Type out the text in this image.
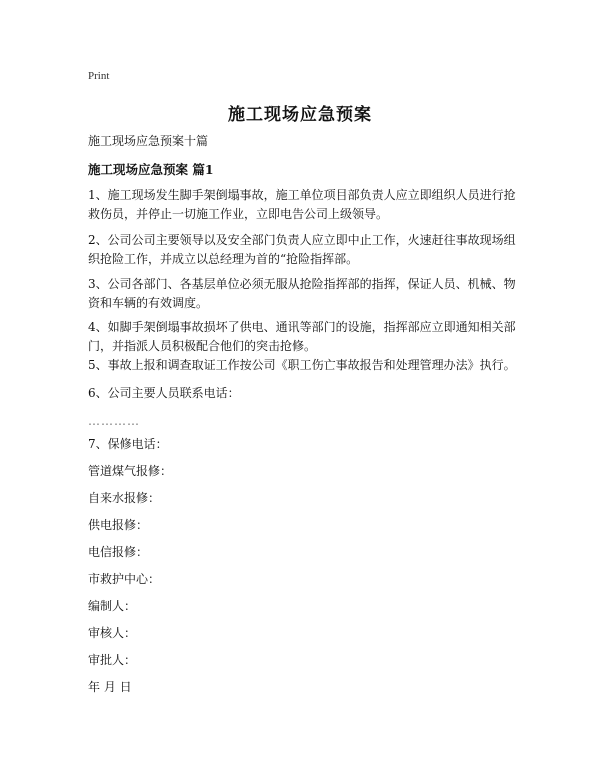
Print
施工现场应急预案
施工现场应急预案十篇
施工现场应急预案 篇1
1、施工现场发生脚手架倒塌事故，施工单位项目部负责人应立即组织人员进行抢
救伤员，并停止一切施工作业，立即电告公司上级领导。
2、公司公司主要领导以及安全部门负责人应立即中止工作，火速赶往事故现场组
织抢险工作，并成立以总经理为首的“抢险指挥部。
3、公司各部门、各基层单位必须无服从抢险指挥部的指挥，保证人员、机械、物
资和车辆的有效调度。
4、如脚手架倒塌事故损坏了供电、通讯等部门的设施，指挥部应立即通知相关部
门，并指派人员积极配合他们的突击抢修。
5、事故上报和调查取证工作按公司《职工伤亡事故报告和处理管理办法》执行。
6、公司主要人员联系电话：
…………
7、保修电话：
管道煤气报修：
自来水报修：
供电报修：
电信报修：
市救护中心：
编制人：
审核人：
审批人：
年 月 日
